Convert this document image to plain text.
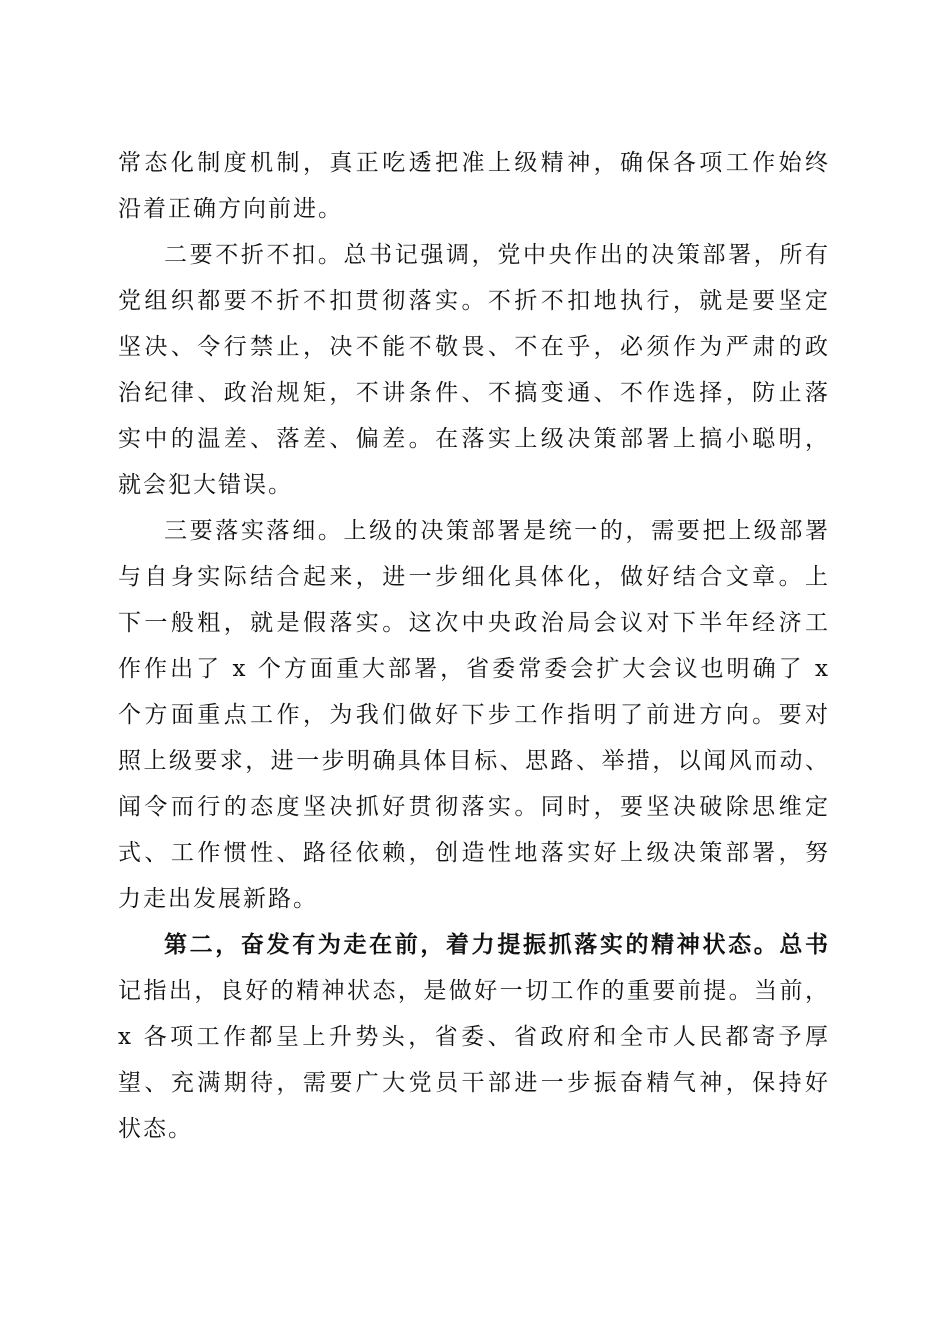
常态化制度机制，真正吃透把准上级精神，确保各项工作始终
沿着正确方向前进。
二要不折不扣。总书记强调，党中央作出的决策部署，所有
党组织都要不折不扣贯彻落实。不折不扣地执行，就是要坚定
坚决、令行禁止，决不能不敬畏、不在乎，必须作为严肃的政
治纪律、政治规矩，不讲条件、不搞变通、不作选择，防止落
实中的温差、落差、偏差。在落实上级决策部署上搞小聪明，
就会犯大错误。
三要落实落细。上级的决策部署是统一的，需要把上级部署
与自身实际结合起来，进一步细化具体化，做好结合文章。上
下一般粗，就是假落实。这次中央政治局会议对下半年经济工
作作出了 x 个方面重大部署，省委常委会扩大会议也明确了 x
个方面重点工作，为我们做好下步工作指明了前进方向。要对
照上级要求，进一步明确具体目标、思路、举措，以闻风而动、
闻令而行的态度坚决抓好贯彻落实。同时，要坚决破除思维定
式、工作惯性、路径依赖，创造性地落实好上级决策部署，努
力走出发展新路。
第二，奋发有为走在前，着力提振抓落实的精神状态。总书
记指出，良好的精神状态，是做好一切工作的重要前提。当前，
x 各项工作都呈上升势头，省委、省政府和全市人民都寄予厚
望、充满期待，需要广大党员干部进一步振奋精气神，保持好
状态。
